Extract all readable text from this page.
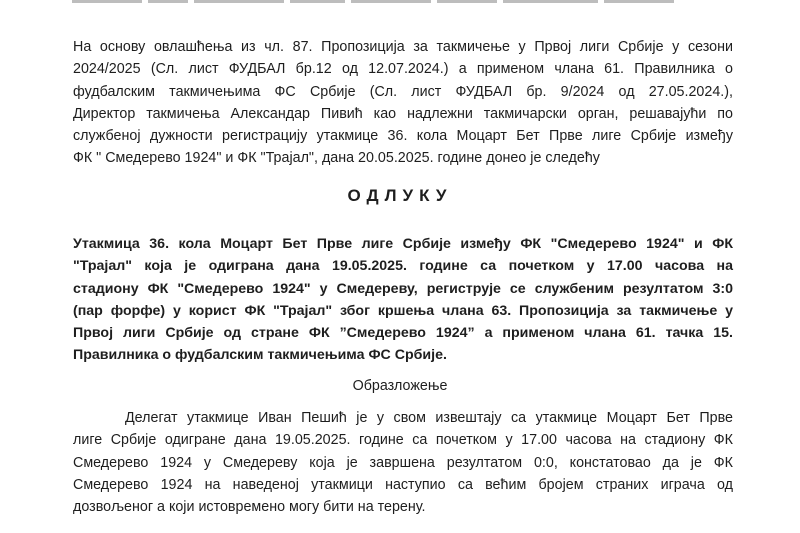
На основу овлашћења из чл. 87. Пропозиција за такмичење у Првој лиги Србије у сезони
2024/2025 (Сл. лист ФУДБАЛ бр.12 од 12.07.2024.) а применом члана 61. Правилника о
фудбалским такмичењима ФС Србије (Сл. лист ФУДБАЛ бр. 9/2024 од 27.05.2024.),
Директор такмичења Александар Пивић као надлежни такмичарски орган, решавајући по
службеној дужности регистрацију утакмице 36. кола Моцарт Бет Прве лиге Србије између
ФК " Смедерево 1924" и ФК "Трајал", дана 20.05.2025. године донео је следећу
ОДЛУКУ
Утакмица 36. кола Моцарт Бет Прве лиге Србије између ФК "Смедерево 1924" и ФК
"Трајал" која је одиграна дана 19.05.2025. године са почетком у 17.00 часова на
стадиону ФК "Смедерево 1924" у Смедереву, региструје се службеним резултатом 3:0
(пар форфе) у корист ФК "Трајал" због кршења члана 63. Пропозиција за такмичење у
Првој лиги Србије од стране ФК ”Смедерево 1924” а применом члана 61. тачка 15.
Правилника о фудбалским такмичењима ФС Србије.
Образложење
Делегат утакмице Иван Пешић је у свом извештају са утакмице Моцарт Бет Прве
лиге Србије одигране дана 19.05.2025. године са почетком у 17.00 часова на стадиону ФК
Смедерево 1924 у Смедереву која је завршена резултатом 0:0, констатовао да је ФК
Смедерево 1924 на наведеној утакмици наступио са већим бројем страних играча од
дозвољеног а који истовремено могу бити на терену.
